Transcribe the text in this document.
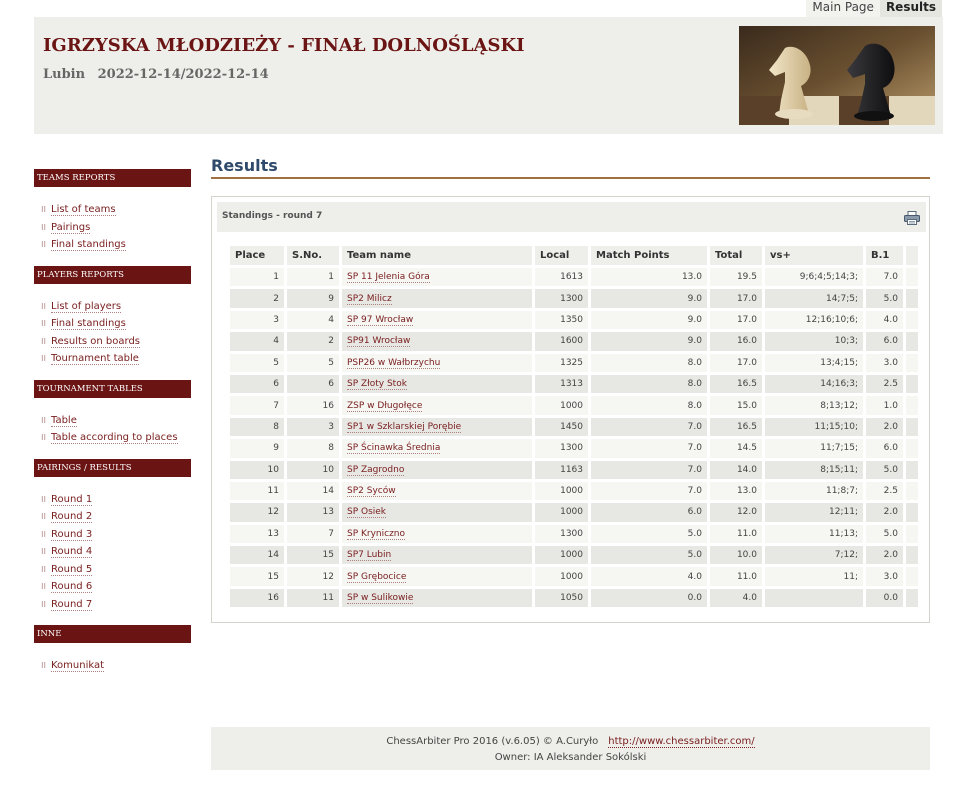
Main Page	Results
IGRZYSKA MŁODZIEŻY - FINAŁ DOLNOŚLĄSKI
Lubin 2022-12-14/2022-12-14
TEAMS REPORTS
⁝⁝ List of teams
⁝⁝ Pairings
⁝⁝ Final standings
PLAYERS REPORTS
⁝⁝ List of players
⁝⁝ Final standings
⁝⁝ Results on boards
⁝⁝ Tournament table
TOURNAMENT TABLES
⁝⁝ Table
⁝⁝ Table according to places
PAIRINGS / RESULTS
⁝⁝ Round 1
⁝⁝ Round 2
⁝⁝ Round 3
⁝⁝ Round 4
⁝⁝ Round 5
⁝⁝ Round 6
⁝⁝ Round 7
INNE
⁝⁝ Komunikat
Results
Standings - round 7
Place	S.No.	Team name	Local	Match Points	Total	vs+	B.1	
1	1	SP 11 Jelenia Góra	1613	13.0	19.5	9;6;4;5;14;3;	7.0	
2	9	SP2 Milicz	1300	9.0	17.0	14;7;5;	5.0	
3	4	SP 97 Wrocław	1350	9.0	17.0	12;16;10;6;	4.0	
4	2	SP91 Wrocław	1600	9.0	16.0	10;3;	6.0	
5	5	PSP26 w Wałbrzychu	1325	8.0	17.0	13;4;15;	3.0	
6	6	SP Złoty Stok	1313	8.0	16.5	14;16;3;	2.5	
7	16	ZSP w Długołęce	1000	8.0	15.0	8;13;12;	1.0	
8	3	SP1 w Szklarskiej Porębie	1450	7.0	16.5	11;15;10;	2.0	
9	8	SP Ścinawka Średnia	1300	7.0	14.5	11;7;15;	6.0	
10	10	SP Zagrodno	1163	7.0	14.0	8;15;11;	5.0	
11	14	SP2 Syców	1000	7.0	13.0	11;8;7;	2.5	
12	13	SP Osiek	1000	6.0	12.0	12;11;	2.0	
13	7	SP Kryniczno	1300	5.0	11.0	11;13;	5.0	
14	15	SP7 Lubin	1000	5.0	10.0	7;12;	2.0	
15	12	SP Grębocice	1000	4.0	11.0	11;	3.0	
16	11	SP w Sulikowie	1050	0.0	4.0		0.0	
ChessArbiter Pro 2016 (v.6.05) © A.Curyło http://www.chessarbiter.com/
Owner: IA Aleksander Sokólski
